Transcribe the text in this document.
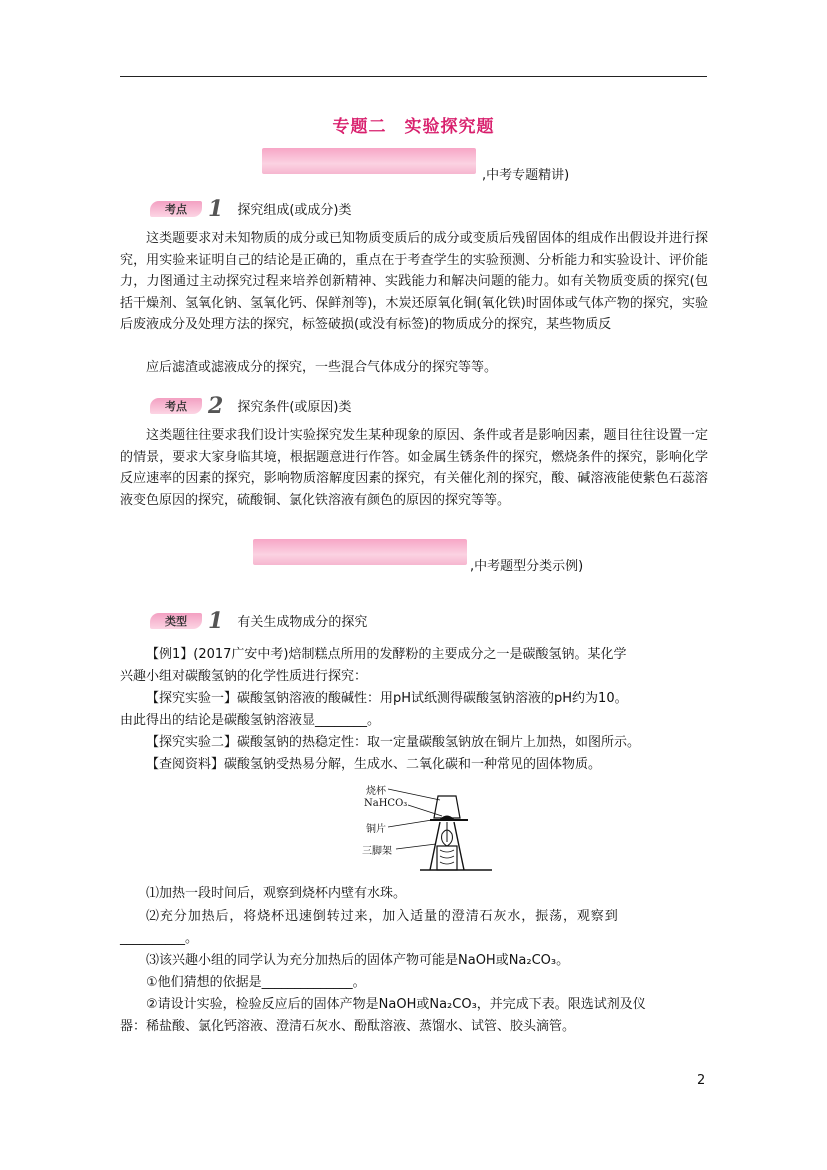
专题二　实验探究题
,中考专题精讲)
考点 1 探究组成(或成分)类
这类题要求对未知物质的成分或已知物质变质后的成分或变质后残留固体的组成作出假设并进行探究，用实验来证明自己的结论是正确的，重点在于考查学生的实验预测、分析能力和实验设计、评价能力，力图通过主动探究过程来培养创新精神、实践能力和解决问题的能力。如有关物质变质的探究(包括干燥剂、氢氧化钠、氢氧化钙、保鲜剂等)，木炭还原氧化铜(氧化铁)时固体或气体产物的探究，实验后废液成分及处理方法的探究，标签破损(或没有标签)的物质成分的探究，某些物质反
应后滤渣或滤液成分的探究，一些混合气体成分的探究等等。
考点 2 探究条件(或原因)类
这类题往往要求我们设计实验探究发生某种现象的原因、条件或者是影响因素，题目往往设置一定的情景，要求大家身临其境，根据题意进行作答。如金属生锈条件的探究，燃烧条件的探究，影响化学反应速率的因素的探究，影响物质溶解度因素的探究，有关催化剂的探究，酸、碱溶液能使紫色石蕊溶液变色原因的探究，硫酸铜、氯化铁溶液有颜色的原因的探究等等。
,中考题型分类示例)
类型 1 有关生成物成分的探究
【例1】(2017广安中考)焙制糕点所用的发酵粉的主要成分之一是碳酸氢钠。某化学
兴趣小组对碳酸氢钠的化学性质进行探究：
【探究实验一】碳酸氢钠溶液的酸碱性：用pH试纸测得碳酸氢钠溶液的pH约为10。
由此得出的结论是碳酸氢钠溶液显________。
【探究实验二】碳酸氢钠的热稳定性：取一定量碳酸氢钠放在铜片上加热，如图所示。
【查阅资料】碳酸氢钠受热易分解，生成水、二氧化碳和一种常见的固体物质。
烧杯
NaHCO₃
铜片
三脚架
⑴加热一段时间后，观察到烧杯内壁有水珠。
⑵充分加热后，将烧杯迅速倒转过来，加入适量的澄清石灰水，振荡，观察到
__________。
⑶该兴趣小组的同学认为充分加热后的固体产物可能是NaOH或Na₂CO₃。
①他们猜想的依据是______________。
②请设计实验，检验反应后的固体产物是NaOH或Na₂CO₃，并完成下表。限选试剂及仪
器：稀盐酸、氯化钙溶液、澄清石灰水、酚酞溶液、蒸馏水、试管、胶头滴管。
2
